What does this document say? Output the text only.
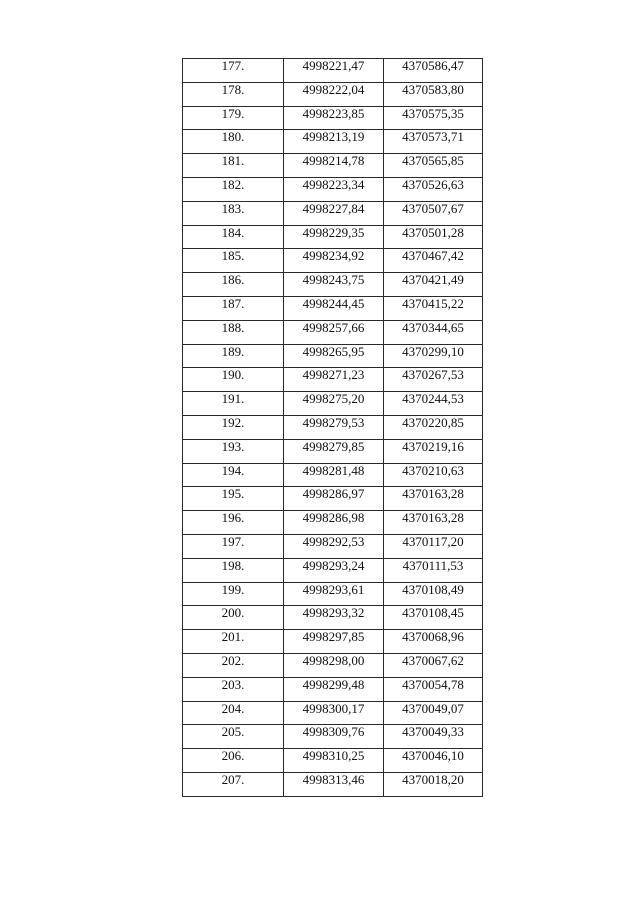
177.	4998221,47	4370586,47
178.	4998222,04	4370583,80
179.	4998223,85	4370575,35
180.	4998213,19	4370573,71
181.	4998214,78	4370565,85
182.	4998223,34	4370526,63
183.	4998227,84	4370507,67
184.	4998229,35	4370501,28
185.	4998234,92	4370467,42
186.	4998243,75	4370421,49
187.	4998244,45	4370415,22
188.	4998257,66	4370344,65
189.	4998265,95	4370299,10
190.	4998271,23	4370267,53
191.	4998275,20	4370244,53
192.	4998279,53	4370220,85
193.	4998279,85	4370219,16
194.	4998281,48	4370210,63
195.	4998286,97	4370163,28
196.	4998286,98	4370163,28
197.	4998292,53	4370117,20
198.	4998293,24	4370111,53
199.	4998293,61	4370108,49
200.	4998293,32	4370108,45
201.	4998297,85	4370068,96
202.	4998298,00	4370067,62
203.	4998299,48	4370054,78
204.	4998300,17	4370049,07
205.	4998309,76	4370049,33
206.	4998310,25	4370046,10
207.	4998313,46	4370018,20
